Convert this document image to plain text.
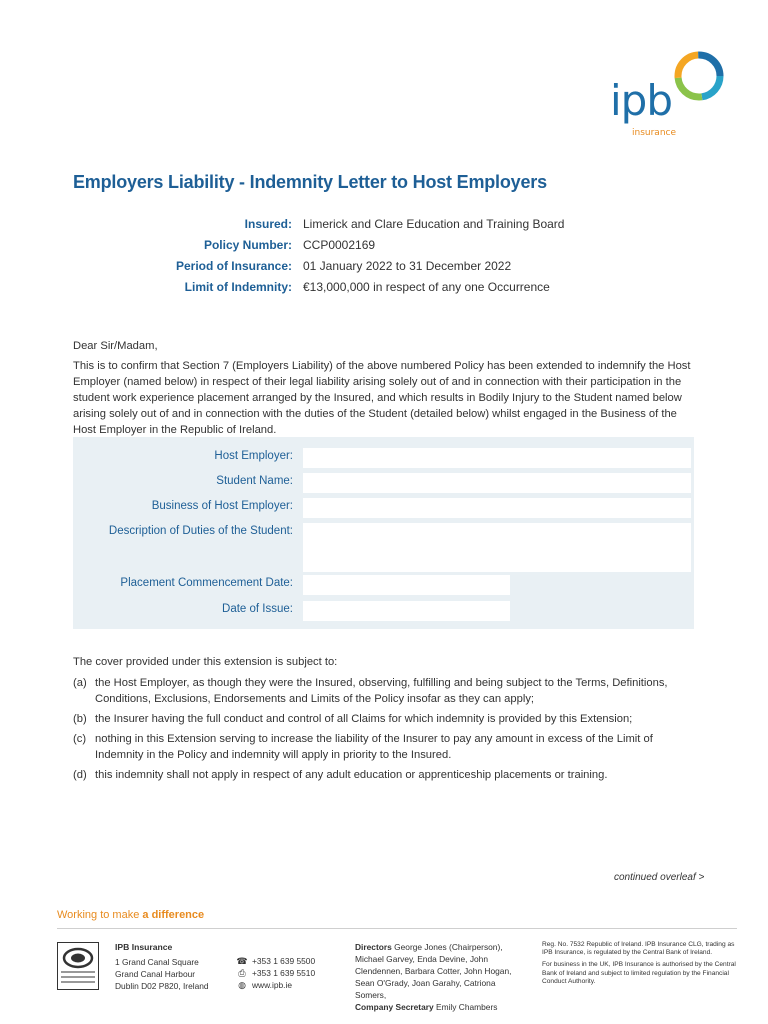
ipb
insurance
Employers Liability - Indemnity Letter to Host Employers
Insured: Limerick and Clare Education and Training Board
Policy Number: CCP0002169
Period of Insurance: 01 January 2022 to 31 December 2022
Limit of Indemnity: €13,000,000 in respect of any one Occurrence
Dear Sir/Madam,
This is to confirm that Section 7 (Employers Liability) of the above numbered Policy has been extended to indemnify the Host Employer (named below) in respect of their legal liability arising solely out of and in connection with their participation in the student work experience placement arranged by the Insured, and which results in Bodily Injury to the Student named below arising solely out of and in connection with the duties of the Student (detailed below) whilst engaged in the Business of the Host Employer in the Republic of Ireland.
Host Employer:
Student Name:
Business of Host Employer:
Description of Duties of the Student:
Placement Commencement Date:
Date of Issue:
The cover provided under this extension is subject to:
(a) the Host Employer, as though they were the Insured, observing, fulfilling and being subject to the Terms, Definitions, Conditions, Exclusions, Endorsements and Limits of the Policy insofar as they can apply;
(b) the Insurer having the full conduct and control of all Claims for which indemnity is provided by this Extension;
(c) nothing in this Extension serving to increase the liability of the Insurer to pay any amount in excess of the Limit of Indemnity in the Policy and indemnity will apply in priority to the Insured.
(d) this indemnity shall not apply in respect of any adult education or apprenticeship placements or training.
continued overleaf >
Working to make a difference
IPB Insurance
1 Grand Canal Square
Grand Canal Harbour
Dublin D02 P820, Ireland
☎ +353 1 639 5500
⎙ +353 1 639 5510
◍ www.ipb.ie
Directors George Jones (Chairperson), Michael Garvey, Enda Devine, John Clendennen, Barbara Cotter, John Hogan, Sean O'Grady, Joan Garahy, Catriona Somers,
Company Secretary Emily Chambers

Reg. No. 7532 Republic of Ireland. IPB Insurance CLG, trading as IPB Insurance, is regulated by the Central Bank of Ireland.

For business in the UK, IPB Insurance is authorised by the Central Bank of Ireland and subject to limited regulation by the Financial Conduct Authority.
